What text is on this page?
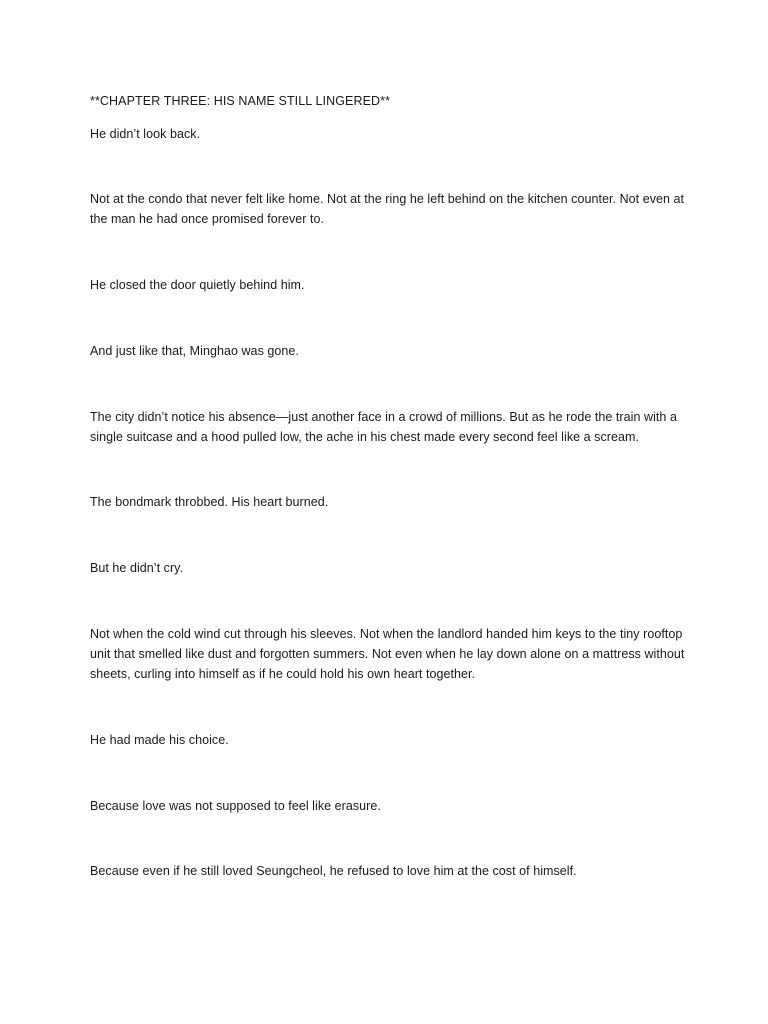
**CHAPTER THREE: HIS NAME STILL LINGERED**

He didn’t look back.

Not at the condo that never felt like home. Not at the ring he left behind on the kitchen counter. Not even at the man he had once promised forever to.

He closed the door quietly behind him.

And just like that, Minghao was gone.

The city didn’t notice his absence—just another face in a crowd of millions. But as he rode the train with a single suitcase and a hood pulled low, the ache in his chest made every second feel like a scream.

The bondmark throbbed. His heart burned.

But he didn’t cry.

Not when the cold wind cut through his sleeves. Not when the landlord handed him keys to the tiny rooftop unit that smelled like dust and forgotten summers. Not even when he lay down alone on a mattress without sheets, curling into himself as if he could hold his own heart together.

He had made his choice.

Because love was not supposed to feel like erasure.

Because even if he still loved Seungcheol, he refused to love him at the cost of himself.
